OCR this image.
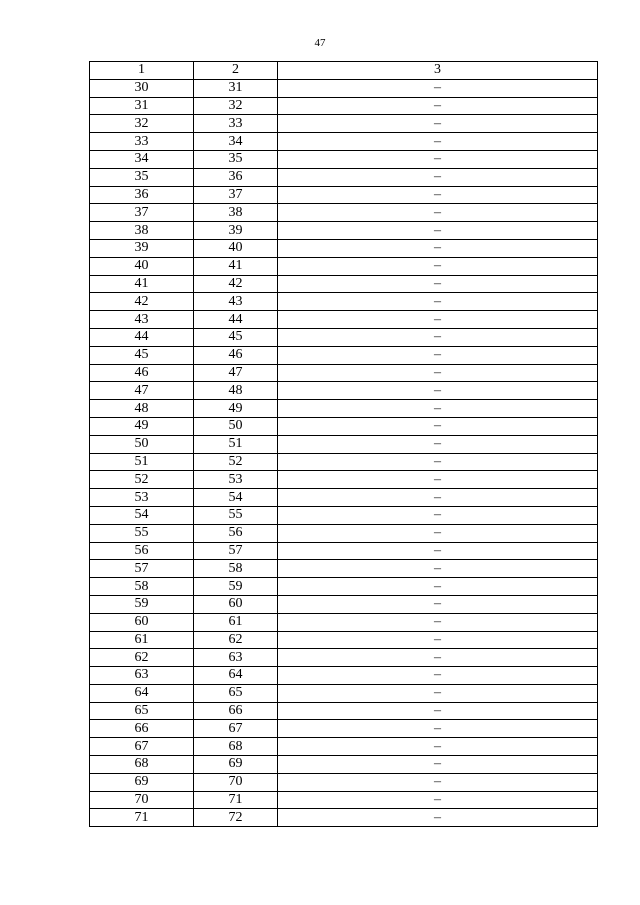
47
1	2	3
30	31	–
31	32	–
32	33	–
33	34	–
34	35	–
35	36	–
36	37	–
37	38	–
38	39	–
39	40	–
40	41	–
41	42	–
42	43	–
43	44	–
44	45	–
45	46	–
46	47	–
47	48	–
48	49	–
49	50	–
50	51	–
51	52	–
52	53	–
53	54	–
54	55	–
55	56	–
56	57	–
57	58	–
58	59	–
59	60	–
60	61	–
61	62	–
62	63	–
63	64	–
64	65	–
65	66	–
66	67	–
67	68	–
68	69	–
69	70	–
70	71	–
71	72	–
